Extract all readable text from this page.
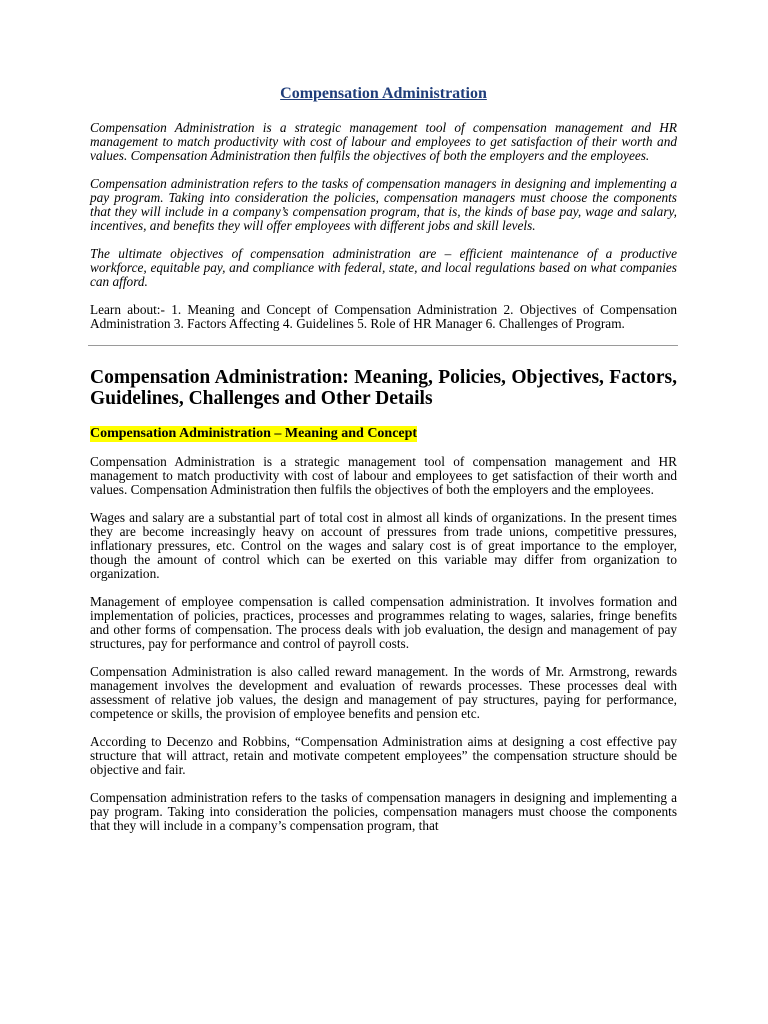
Compensation Administration

Compensation Administration is a strategic management tool of compensation management and HR management to match productivity with cost of labour and employees to get satisfaction of their worth and values. Compensation Administration then fulfils the objectives of both the employers and the employees.

Compensation administration refers to the tasks of compensation managers in designing and implementing a pay program. Taking into consideration the policies, compensation managers must choose the components that they will include in a company’s compensation program, that is, the kinds of base pay, wage and salary, incentives, and benefits they will offer employees with different jobs and skill levels.

The ultimate objectives of compensation administration are – efficient maintenance of a productive workforce, equitable pay, and compliance with federal, state, and local regulations based on what companies can afford.

Learn about:- 1. Meaning and Concept of Compensation Administration 2. Objectives of Compensation Administration 3. Factors Affecting 4. Guidelines 5. Role of HR Manager 6. Challenges of Program.

Compensation Administration: Meaning, Policies, Objectives, Factors, Guidelines, Challenges and Other Details
Compensation Administration – Meaning and Concept

Compensation Administration is a strategic management tool of compensation management and HR management to match productivity with cost of labour and employees to get satisfaction of their worth and values. Compensation Administration then fulfils the objectives of both the employers and the employees.

Wages and salary are a substantial part of total cost in almost all kinds of organizations. In the present times they are become increasingly heavy on account of pressures from trade unions, competitive pressures, inflationary pressures, etc. Control on the wages and salary cost is of great importance to the employer, though the amount of control which can be exerted on this variable may differ from organization to organization.

Management of employee compensation is called compensation administration. It involves formation and implementation of policies, practices, processes and programmes relating to wages, salaries, fringe benefits and other forms of compensation. The process deals with job evaluation, the design and management of pay structures, pay for performance and control of payroll costs.

Compensation Administration is also called reward management. In the words of Mr. Armstrong, rewards management involves the development and evaluation of rewards processes. These processes deal with assessment of relative job values, the design and management of pay structures, paying for performance, competence or skills, the provision of employee benefits and pension etc.

According to Decenzo and Robbins, “Compensation Administration aims at designing a cost effective pay structure that will attract, retain and motivate competent employees” the compensation structure should be objective and fair.

Compensation administration refers to the tasks of compensation managers in designing and implementing a pay program. Taking into consideration the policies, compensation managers must choose the components that they will include in a company’s compensation program, that
